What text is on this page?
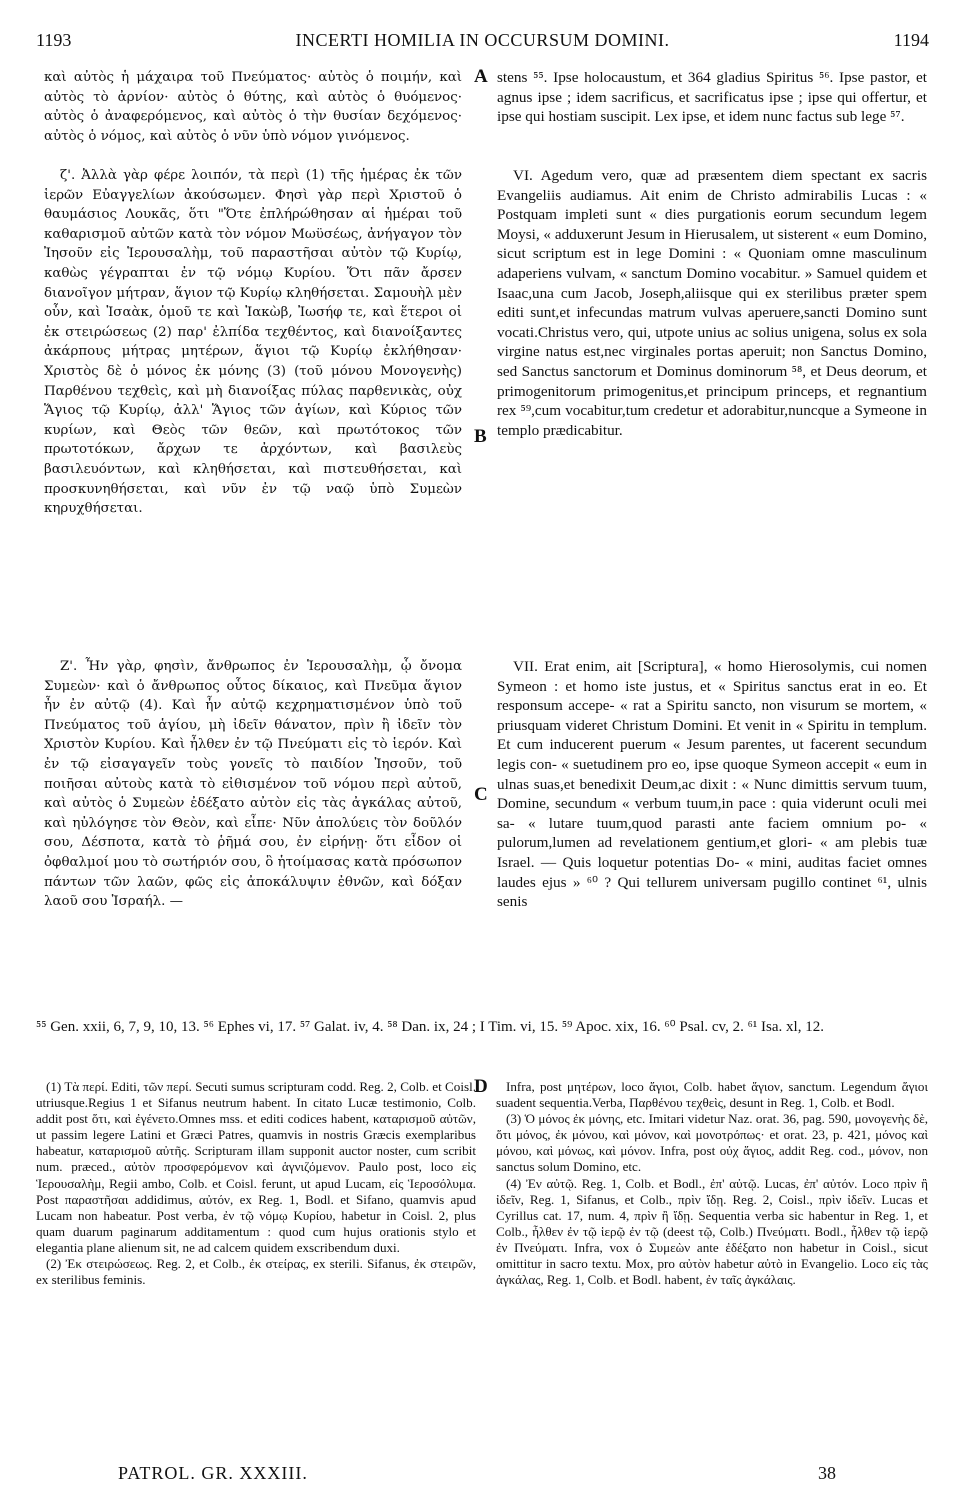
1193	INCERTI HOMILIA IN OCCURSUM DOMINI.	1194

καὶ αὐτὸς ἡ μάχαιρα τοῦ Πνεύματος· αὐτὸς ὁ ποιμήν, καὶ αὐτὸς τὸ ἀρνίον· αὐτὸς ὁ θύτης, καὶ αὐτὸς ὁ θυόμενος· αὐτὸς ὁ ἀναφερόμενος, καὶ αὐτὸς ὁ τὴν θυσίαν δεχόμενος· αὐτὸς ὁ νόμος, καὶ αὐτὸς ὁ νῦν ὑπὸ νόμον γινόμενος.

ζ'. Ἀλλὰ γὰρ φέρε λοιπόν, τὰ περὶ (1) τῆς ἡμέρας ἐκ τῶν ἱερῶν Εὐαγγελίων ἀκούσωμεν. Φησὶ γὰρ περὶ Χριστοῦ ὁ θαυμάσιος Λουκᾶς, ὅτι "Ὅτε ἐπλήρώθησαν αἱ ἡμέραι τοῦ καθαρισμοῦ αὐτῶν κατὰ τὸν νόμον Μωϋσέως, ἀνήγαγον τὸν Ἰησοῦν εἰς Ἱερουσαλὴμ, τοῦ παραστῆσαι αὐτὸν τῷ Κυρίῳ, καθὼς γέγραπται ἐν τῷ νόμῳ Κυρίου. Ὅτι πᾶν ἄρσεν διανοῖγον μήτραν, ἅγιον τῷ Κυρίῳ κληθήσεται. Σαμουὴλ μὲν οὖν, καὶ Ἰσαὰκ, ὁμοῦ τε καὶ Ἰακὼβ, Ἰωσήφ τε, καὶ ἕτεροι οἱ ἐκ στειρώσεως (2) παρ' ἐλπίδα τεχθέντος, καὶ διανοίξαντες ἀκάρπους μήτρας μητέρων, ἅγιοι τῷ Κυρίῳ ἐκλήθησαν· Χριστὸς δὲ ὁ μόνος ἐκ μόνης (3) (τοῦ μόνου Μονογενὴς) Παρθένου τεχθεὶς, καὶ μὴ διανοίξας πύλας παρθενικὰς, οὐχ Ἅγιος τῷ Κυρίῳ, ἀλλ' Ἅγιος τῶν ἁγίων, καὶ Κύριος τῶν κυρίων, καὶ Θεὸς τῶν θεῶν, καὶ πρωτότοκος τῶν πρωτοτόκων, ἄρχων τε ἀρχόντων, καὶ βασιλεὺς βασιλευόντων, καὶ κληθήσεται, καὶ πιστευθήσεται, καὶ προσκυνηθήσεται, καὶ νῦν ἐν τῷ ναῷ ὑπὸ Συμεὼν κηρυχθήσεται.

Ζ'. Ἦν γὰρ, φησὶν, ἄνθρωπος ἐν Ἱερουσαλὴμ, ᾧ ὄνομα Συμεὼν· καὶ ὁ ἄνθρωπος οὗτος δίκαιος, καὶ Πνεῦμα ἅγιον ἦν ἐν αὐτῷ (4). Καὶ ἦν αὐτῷ κεχρηματισμένον ὑπὸ τοῦ Πνεύματος τοῦ ἁγίου, μὴ ἰδεῖν θάνατον, πρὶν ἢ ἰδεῖν τὸν Χριστὸν Κυρίου. Καὶ ἦλθεν ἐν τῷ Πνεύματι εἰς τὸ ἱερόν. Καὶ ἐν τῷ εἰσαγαγεῖν τοὺς γονεῖς τὸ παιδίον Ἰησοῦν, τοῦ ποιῆσαι αὐτοὺς κατὰ τὸ εἰθισμένον τοῦ νόμου περὶ αὐτοῦ, καὶ αὐτὸς ὁ Συμεὼν ἐδέξατο αὐτὸν εἰς τὰς ἀγκάλας αὐτοῦ, καὶ ηὐλόγησε τὸν Θεὸν, καὶ εἶπε· Νῦν ἀπολύεις τὸν δοῦλόν σου, Δέσποτα, κατὰ τὸ ῥῆμά σου, ἐν εἰρήνῃ· ὅτι εἶδον οἱ ὀφθαλμοί μου τὸ σωτήριόν σου, ὃ ἡτοίμασας κατὰ πρόσωπον πάντων τῶν λαῶν, φῶς εἰς ἀποκάλυψιν ἐθνῶν, καὶ δόξαν λαοῦ σου Ἰσραήλ. —

stens ⁵⁵. Ipse holocaustum, et 364 gladius Spiritus ⁵⁶. Ipse pastor, et agnus ipse ; idem sacrificus, et sacrificatus ipse ; ipse qui offertur, et ipse qui hostiam suscipit. Lex ipse, et idem nunc factus sub lege ⁵⁷.

VI. Agedum vero, quæ ad præsentem diem spectant ex sacris Evangeliis audiamus. Ait enim de Christo admirabilis Lucas : « Postquam impleti sunt « dies purgationis eorum secundum legem Moysi, « adduxerunt Jesum in Hierusalem, ut sisterent « eum Domino, sicut scriptum est in lege Domini : « Quoniam omne masculinum adaperiens vulvam, « sanctum Domino vocabitur. » Samuel quidem et Isaac,una cum Jacob, Joseph,aliisque qui ex sterilibus præter spem editi sunt,et infecundas matrum vulvas aperuere,sancti Domino sunt vocati.Christus vero, qui, utpote unius ac solius unigena, solus ex sola virgine natus est,nec virginales portas aperuit; non Sanctus Domino, sed Sanctus sanctorum et Dominus dominorum ⁵⁸, et Deus deorum, et primogenitorum primogenitus,et principum princeps, et regnantium rex ⁵⁹,cum vocabitur,tum credetur et adorabitur,nuncque a Symeone in templo prædicabitur.

VII. Erat enim, ait [Scriptura], « homo Hierosolymis, cui nomen Symeon : et homo iste justus, et « Spiritus sanctus erat in eo. Et responsum accepe- « rat a Spiritu sancto, non visurum se mortem, « priusquam videret Christum Domini. Et venit in « Spiritu in templum. Et cum inducerent puerum « Jesum parentes, ut facerent secundum legis con- « suetudinem pro eo, ipse quoque Symeon accepit « eum in ulnas suas,et benedixit Deum,ac dixit : « Nunc dimittis servum tuum, Domine, secundum « verbum tuum,in pace : quia viderunt oculi mei sa- « lutare tuum,quod parasti ante faciem omnium po- « pulorum,lumen ad revelationem gentium,et glori- « am plebis tuæ Israel. — Quis loquetur potentias Do- « mini, auditas faciet omnes laudes ejus » ⁶⁰ ? Qui tellurem universam pugillo continet ⁶¹, ulnis senis

A
B
C
D
⁵⁵ Gen. xxii, 6, 7, 9, 10, 13. ⁵⁶ Ephes vi, 17. ⁵⁷ Galat. iv, 4. ⁵⁸ Dan. ix, 24 ; I Tim. vi, 15. ⁵⁹ Apoc. xix, 16. ⁶⁰ Psal. cv, 2. ⁶¹ Isa. xl, 12.

(1) Τὰ περί. Editi, τῶν περί. Secuti sumus scripturam codd. Reg. 2, Colb. et Coisl. utriusque.Regius 1 et Sifanus neutrum habent. In citato Lucæ testimonio, Colb. addit post ὅτι, καὶ ἐγένετο.Omnes mss. et editi codices habent, καταρισμοῦ αὐτῶν, ut passim legere Latini et Græci Patres, quamvis in nostris Græcis exemplaribus habeatur, καταρισμοῦ αὐτῆς. Scripturam illam supponit auctor noster, cum scribit num. præced., αὐτὸν προσφερόμενον καὶ ἁγνιζόμενον. Paulo post, loco εἰς Ἱερουσαλὴμ, Regii ambo, Colb. et Coisl. ferunt, ut apud Lucam, εἰς Ἱεροσόλυμα. Post παραστῆσαι addidimus, αὐτόν, ex Reg. 1, Bodl. et Sifano, quamvis apud Lucam non habeatur. Post verba, ἐν τῷ νόμῳ Κυρίου, habetur in Coisl. 2, plus quam duarum paginarum additamentum : quod cum hujus orationis stylo et elegantia plane alienum sit, ne ad calcem quidem exscribendum duxi.

(2) Ἐκ στειρώσεως. Reg. 2, et Colb., ἐκ στείρας, ex sterili. Sifanus, ἐκ στειρῶν, ex sterilibus feminis.

Infra, post μητέρων, loco ἅγιοι, Colb. habet ἅγιον, sanctum. Legendum ἅγιοι suadent sequentia.Verba, Παρθένου τεχθεὶς, desunt in Reg. 1, Colb. et Bodl.

(3) Ὁ μόνος ἐκ μόνης, etc. Imitari videtur Naz. orat. 36, pag. 590, μονογενὴς δὲ, ὅτι μόνος, ἐκ μόνου, καὶ μόνον, καὶ μονοτρόπως· et orat. 23, p. 421, μόνος καὶ μόνου, καὶ μόνως, καὶ μόνον. Infra, post οὐχ ἅγιος, addit Reg. cod., μόνον, non sanctus solum Domino, etc.

(4) Ἐν αὐτῷ. Reg. 1, Colb. et Bodl., ἐπ' αὐτῷ. Lucas, ἐπ' αὐτόν. Loco πρὶν ἢ ἰδεῖν, Reg. 1, Sifanus, et Colb., πρὶν ἴδῃ. Reg. 2, Coisl., πρὶν ἰδεῖν. Lucas et Cyrillus cat. 17, num. 4, πρὶν ἢ ἴδῃ. Sequentia verba sic habentur in Reg. 1, et Colb., ἦλθεν ἐν τῷ ἱερῷ ἐν τῷ (deest τῷ, Colb.) Πνεύματι. Bodl., ἦλθεν τῷ ἱερῷ ἐν Πνεύματι. Infra, vox ὁ Συμεὼν ante ἐδέξατο non habetur in Coisl., sicut omittitur in sacro textu. Mox, pro αὐτὸν habetur αὐτὸ in Evangelio. Loco εἰς τὰς ἀγκάλας, Reg. 1, Colb. et Bodl. habent, ἐν ταῖς ἀγκάλαις.

PATROL. GR. XXXIII.	38
